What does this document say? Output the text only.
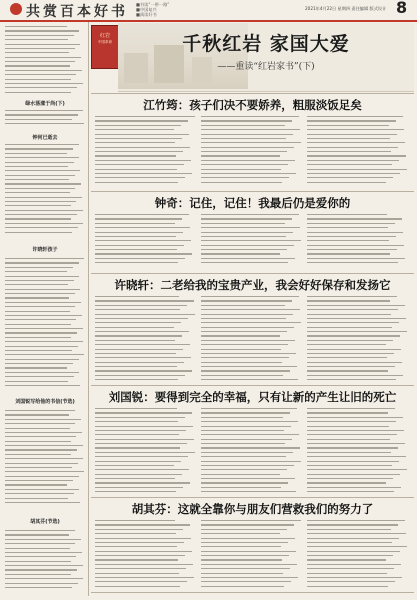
共赏百本好书 ■书读“一带一路”
■中国复兴
■阅读好书
2021年4月22日 星期四 责任编辑 版式设计 8
绿水荡漾于尚(下)
钟何已逝去
许晓轩孩子
刘国锐写给他的书信(节选)
胡其芬(节选)
红岩
中国革命	千秋红岩 家国大爱
——重读“红岩家书”(下)
江竹筠：孩子们决不要娇养，粗服淡饭足矣
钟奇：记住，记住！我最后仍是爱你的
许晓轩：二老给我的宝贵产业，我会好好保存和发扬它
刘国锐：要得到完全的幸福，只有让新的产生让旧的死亡
胡其芬：这就全靠你与朋友们营救我们的努力了
